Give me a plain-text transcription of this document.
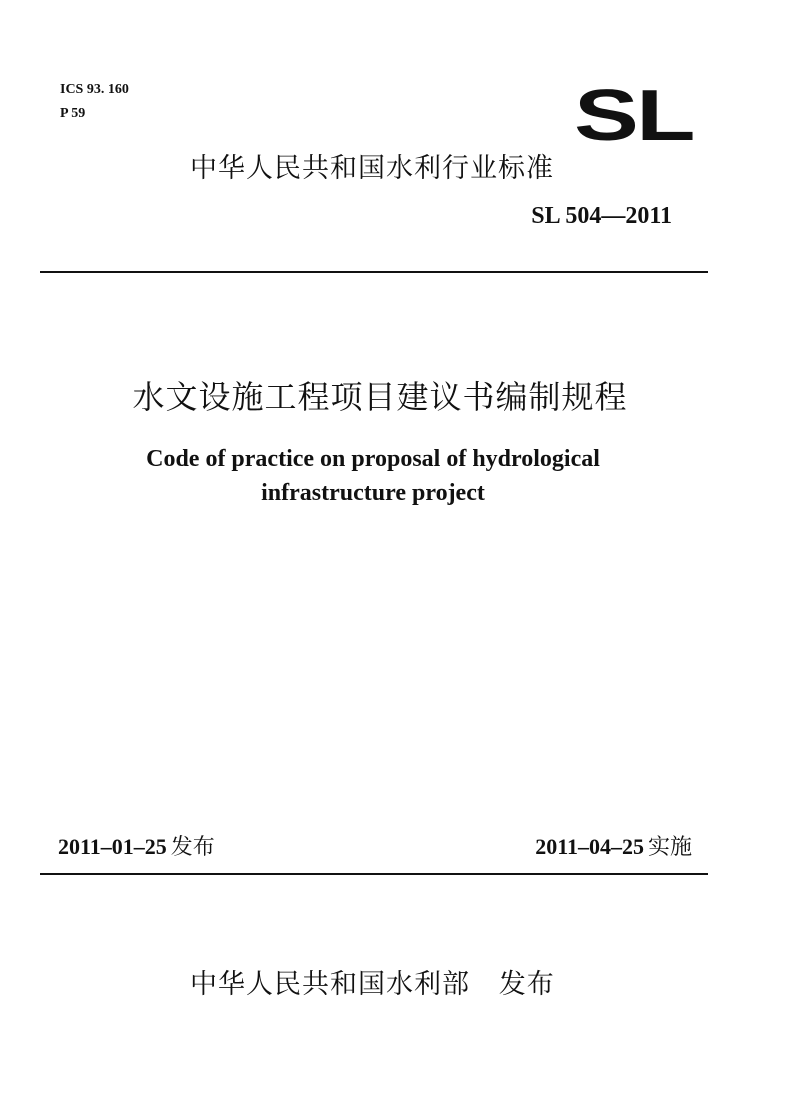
ICS 93. 160
P 59	SL
中华人民共和国水利行业标准
SL 504—2011
水文设施工程项目建议书编制规程
Code of practice on proposal of hydrological
infrastructure project
2011–01–25 发布	2011–04–25 实施
中华人民共和国水利部 发布
